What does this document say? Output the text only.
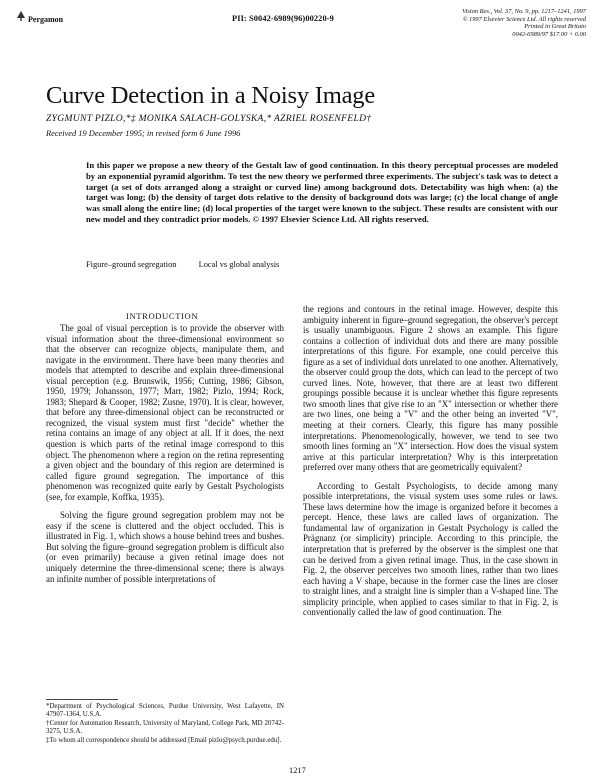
Pergamon	PII: S0042-6989(96)00220-9
Vision Res., Vol. 37, No. 9, pp. 1217–1241, 1997
© 1997 Elsevier Science Ltd. All rights reserved
Printed in Great Britain
0042-6989/97 $17.00 + 0.00
Curve Detection in a Noisy Image
ZYGMUNT PIZLO,*‡ MONIKA SALACH-GOLYSKA,* AZRIEL ROSENFELD†
Received 19 December 1995; in revised form 6 June 1996
In this paper we propose a new theory of the Gestalt law of good continuation. In this theory perceptual processes are modeled by an exponential pyramid algorithm. To test the new theory we performed three experiments. The subject's task was to detect a target (a set of dots arranged along a straight or curved line) among background dots. Detectability was high when: (a) the target was long; (b) the density of target dots relative to the density of background dots was large; (c) the local change of angle was small along the entire line; (d) local properties of the target were known to the subject. These results are consistent with our new model and they contradict prior models. © 1997 Elsevier Science Ltd. All rights reserved.
Figure–ground segregation	Local vs global analysis
INTRODUCTION

The goal of visual perception is to provide the observer with visual information about the three-dimensional environment so that the observer can recognize objects, manipulate them, and navigate in the environment. There have been many theories and models that attempted to describe and explain three-dimensional visual perception (e.g. Brunswik, 1956; Cutting, 1986; Gibson, 1950, 1979; Johansson, 1977; Marr, 1982; Pizlo, 1994; Rock, 1983; Shepard & Cooper, 1982; Zusne, 1970). It is clear, however, that before any three-dimensional object can be reconstructed or recognized, the visual system must first "decide" whether the retina contains an image of any object at all. If it does, the next question is which parts of the retinal image correspond to this object. The phenomenon where a region on the retina representing a given object and the boundary of this region are determined is called figure ground segregation. The importance of this phenomenon was recognized quite early by Gestalt Psychologists (see, for example, Koffka, 1935).

Solving the figure ground segregation problem may not be easy if the scene is cluttered and the object occluded. This is illustrated in Fig. 1, which shows a house behind trees and bushes. But solving the figure–ground segregation problem is difficult also (or even primarily) because a given retinal image does not uniquely determine the three-dimensional scene; there is always an infinite number of possible interpretations of

the regions and contours in the retinal image. However, despite this ambiguity inherent in figure–ground segregation, the observer's percept is usually unambiguous. Figure 2 shows an example. This figure contains a collection of individual dots and there are many possible interpretations of this figure. For example, one could perceive this figure as a set of individual dots unrelated to one another. Alternatively, the observer could group the dots, which can lead to the percept of two curved lines. Note, however, that there are at least two different groupings possible because it is unclear whether this figure represents two smooth lines that give rise to an "X" intersection or whether there are two lines, one being a "V" and the other being an inverted "V", meeting at their corners. Clearly, this figure has many possible interpretations. Phenomenologically, however, we tend to see two smooth lines forming an "X" intersection. How does the visual system arrive at this particular interpretation? Why is this interpretation preferred over many others that are geometrically equivalent?

According to Gestalt Psychologists, to decide among many possible interpretations, the visual system uses some rules or laws. These laws determine how the image is organized before it becomes a percept. Hence, these laws are called laws of organization. The fundamental law of organization in Gestalt Psychology is called the Prägnanz (or simplicity) principle. According to this principle, the interpretation that is preferred by the observer is the simplest one that can be derived from a given retinal image. Thus, in the case shown in Fig. 2, the observer perceives two smooth lines, rather than two lines each having a V shape, because in the former case the lines are closer to straight lines, and a straight line is simpler than a V-shaped line. The simplicity principle, when applied to cases similar to that in Fig. 2, is conventionally called the law of good continuation. The

*Department of Psychological Sciences, Purdue University, West Lafayette, IN 47907-1364, U.S.A.
†Center for Automation Research, University of Maryland, College Park, MD 20742-3275, U.S.A.
‡To whom all correspondence should be addressed [Email pizlo@psych.purdue.edu].
1217
